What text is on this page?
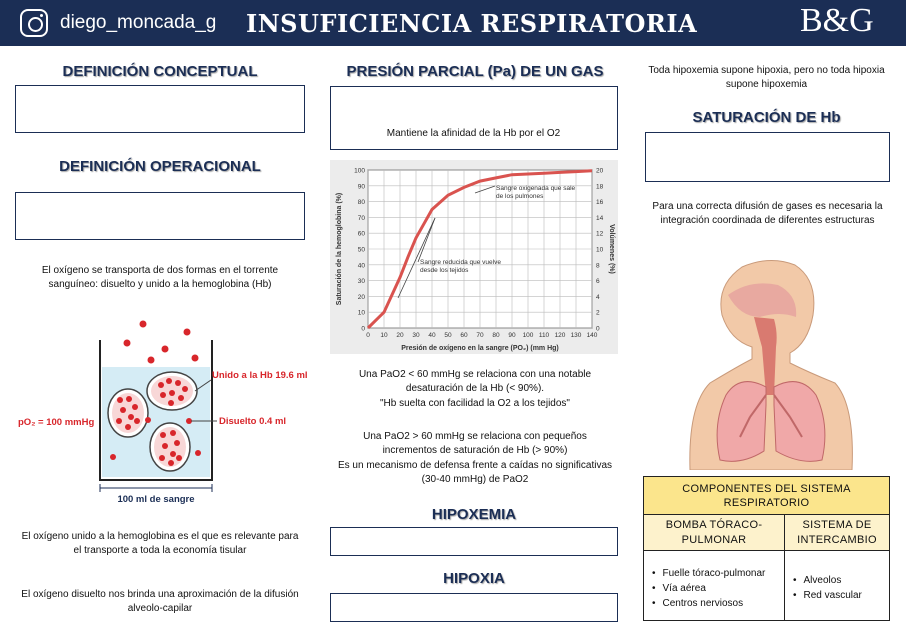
diego_moncada_g INSUFICIENCIA RESPIRATORIA	B&G
DEFINICIÓN CONCEPTUAL
DEFINICIÓN OPERACIONAL
El oxígeno se transporta de dos formas en el torrente sanguíneo: disuelto y unido a la hemoglobina (Hb)
Unido a la Hb 19.6 ml
Disuelto 0.4 ml
pO₂ = 100 mmHg
100 ml de sangre
El oxígeno unido a la hemoglobina es el que es relevante para el transporte a toda la economía tisular
El oxígeno disuelto nos brinda una aproximación de la difusión alveolo-capilar
PRESIÓN PARCIAL (Pa) DE UN GAS
Mantiene la afinidad de la Hb por el O2
0 10 20 30 40 50 60 70 80 90 100 110 120 130 140
0
10
20
30
40
50
60
70
80
90
100
0
2
4
6
8
10
12
14
16
18
20
Sangre oxigenada que sale de los pulmones
Sangre reducida que vuelve desde los tejidos
Presión de oxígeno en la sangre (PO₂) (mm Hg)
Saturación de la hemoglobina (%)	Volúmenes (%)
Una PaO2 < 60 mmHg se relaciona con una notable desaturación de la Hb (< 90%).
"Hb suelta con facilidad la O2 a los tejidos"
Una PaO2 > 60 mmHg se relaciona con pequeños incrementos de saturación de Hb (> 90%)
Es un mecanismo de defensa frente a caídas no significativas (30-40 mmHg) de PaO2
HIPOXEMIA
HIPOXIA
Toda hipoxemia supone hipoxia, pero no toda hipoxia supone hipoxemia
SATURACIÓN DE Hb
Para una correcta difusión de gases es necesaria la integración coordinada de diferentes estructuras
COMPONENTES DEL SISTEMA RESPIRATORIO
BOMBA TÓRACO-PULMONAR
SISTEMA DE INTERCAMBIO
• Fuelle tóraco-pulmonar
• Vía aérea
• Centros nerviosos
• Alveolos
• Red vascular
